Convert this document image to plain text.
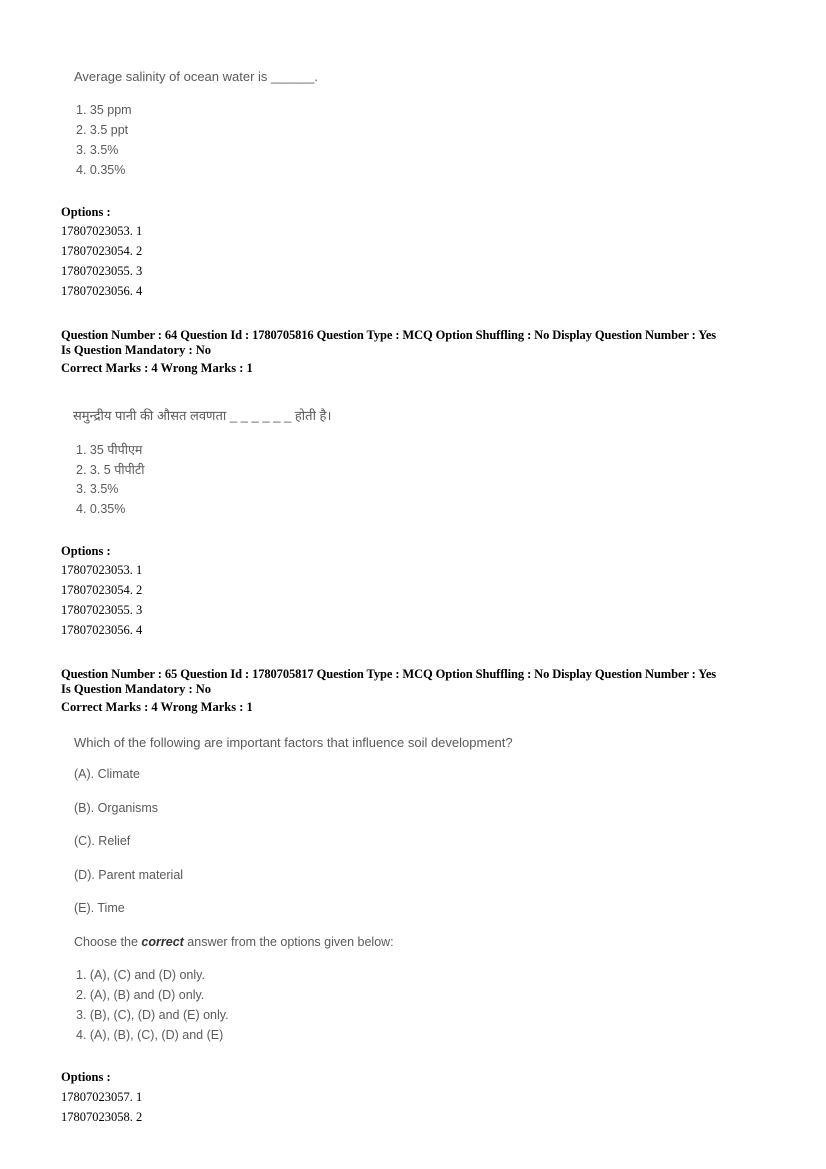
Average salinity of ocean water is ______.
1. 35 ppm
2. 3.5 ppt
3. 3.5%
4. 0.35%
Options :
17807023053. 1
17807023054. 2
17807023055. 3
17807023056. 4
Question Number : 64 Question Id : 1780705816 Question Type : MCQ Option Shuffling : No Display Question Number : Yes
Is Question Mandatory : No
Correct Marks : 4 Wrong Marks : 1
समुन्द्रीय पानी की औसत लवणता _ _ _ _ _ _ होती है।
1. 35 पीपीएम
2. 3. 5 पीपीटी
3. 3.5%
4. 0.35%
Options :
17807023053. 1
17807023054. 2
17807023055. 3
17807023056. 4
Question Number : 65 Question Id : 1780705817 Question Type : MCQ Option Shuffling : No Display Question Number : Yes
Is Question Mandatory : No
Correct Marks : 4 Wrong Marks : 1
Which of the following are important factors that influence soil development?
(A). Climate
(B). Organisms
(C). Relief
(D). Parent material
(E). Time
Choose the correct answer from the options given below:
1. (A), (C) and (D) only.
2. (A), (B) and (D) only.
3. (B), (C), (D) and (E) only.
4. (A), (B), (C), (D) and (E)
Options :
17807023057. 1
17807023058. 2
